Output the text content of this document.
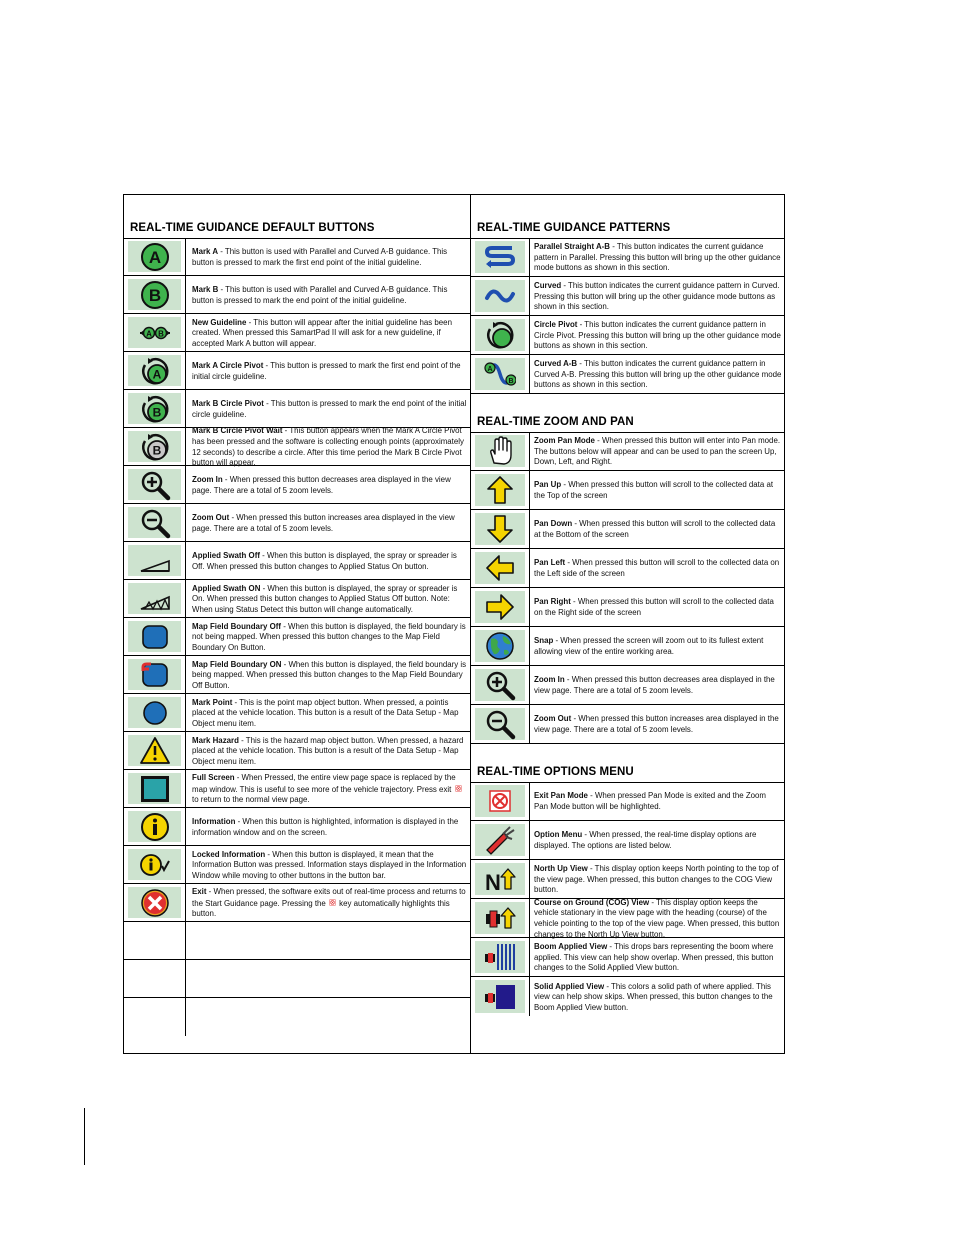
REAL-TIME GUIDANCE DEFAULT BUTTONS
A	Mark A - This button is used with Parallel and Curved A-B guidance. This button is pressed to mark the first end point of the initial guideline.
B	Mark B - This button is used with Parallel and Curved A-B guidance. This button is pressed to mark the end point of the initial guideline.
A B
New Guideline - This button will appear after the initial guideline has been created. When pressed this SamartPad II will ask for a new guideline, if accepted Mark A button will appear.
A
Mark A Circle Pivot - This button is pressed to mark the first end point of the initial circle guideline.
B
Mark B Circle Pivot - This button is pressed to mark the end point of the initial circle guideline.
B
Mark B Circle Pivot Wait - This button appears when the Mark A Circle Pivot has been pressed and the software is collecting enough points (approximately 12 seconds) to describe a circle. After this time period the Mark B Circle Pivot button will appear.
Zoom In - When pressed this button decreases area displayed in the view page. There are a total of 5 zoom levels.
Zoom Out - When pressed this button increases area displayed in the view page. There are a total of 5 zoom levels.
Applied Swath Off - When this button is displayed, the spray or spreader is Off. When pressed this button changes to Applied Status On button.
Applied Swath ON - When this button is displayed, the spray or spreader is On. When pressed this button changes to Applied Status Off button. Note: When using Status Detect this button will change automatically.
Map Field Boundary Off - When this button is displayed, the field boundary is not being mapped. When pressed this button changes to the Map Field Boundary On Button.
Map Field Boundary ON - When this button is displayed, the field boundary is being mapped. When pressed this button changes to the Map Field Boundary Off Button.
Mark Point - This is the point map object button. When pressed, a pointis placed at the vehicle location. This button is a result of the Data Setup - Map Object menu item.
Mark Hazard - This is the hazard map object button. When pressed, a hazard placed at the vehicle location. This button is a result of the Data Setup - Map Object menu item.
Full Screen - When Pressed, the entire view page space is replaced by the map window. This is useful to see more of the vehicle trajectory. Press exit  to return to the normal view page.
Information - When this button is highlighted, information is displayed in the information window and on the screen.
Locked Information - When this button is displayed, it mean that the Information Button was pressed. Information stays displayed in the Information Window while moving to other buttons in the button bar.
Exit - When pressed, the software exits out of real-time process and returns to the Start Guidance page. Pressing the  key automatically highlights this button.
REAL-TIME GUIDANCE PATTERNS
Parallel Straight A-B - This button indicates the current guidance pattern in Parallel. Pressing this button will bring up the other guidance mode buttons as shown in this section.
Curved - This button indicates the current guidance pattern in Curved. Pressing this button will bring up the other guidance mode buttons as shown in this section.
Circle Pivot - This button indicates the current guidance pattern in Circle Pivot. Pressing this button will bring up the other guidance mode buttons as shown in this section.
A
B
Curved A-B - This button indicates the current guidance pattern in Curved A-B. Pressing this button will bring up the other guidance mode buttons as shown in this section.
REAL-TIME ZOOM AND PAN
Zoom Pan Mode - When pressed this button will enter into Pan mode. The buttons below will appear and can be used to pan the screen Up, Down, Left, and Right.
Pan Up - When pressed this button will scroll to the collected data at the Top of the screen
Pan Down - When pressed this button will scroll to the collected data at the Bottom of the screen
Pan Left - When pressed this button will scroll to the collected data on the Left side of the screen
Pan Right - When pressed this button will scroll to the collected data on the Right side of the screen
Snap - When pressed the screen will zoom out to its fullest extent allowing view of the entire working area.
Zoom In - When pressed this button decreases area displayed in the view page. There are a total of 5 zoom levels.
Zoom Out - When pressed this button increases area displayed in the view page. There are a total of 5 zoom levels.
REAL-TIME OPTIONS MENU
Exit Pan Mode - When pressed Pan Mode is exited and the Zoom Pan Mode button will be highlighted.
Option Menu - When pressed, the real-time display options are displayed. The options are listed below.
N
North Up View - This display option keeps North pointing to the top of the view page. When pressed, this button changes to the COG View button.
Course on Ground (COG) View - This display option keeps the vehicle stationary in the view page with the heading (course) of the vehicle pointing to the top of the view page. When pressed, this button changes to the North Up View button.
Boom Applied View - This drops bars representing the boom where applied. This view can help show overlap. When pressed, this button changes to the Solid Applied View button.
Solid Applied View - This colors a solid path of where applied. This view can help show skips. When pressed, this button changes to the Boom Applied View button.
